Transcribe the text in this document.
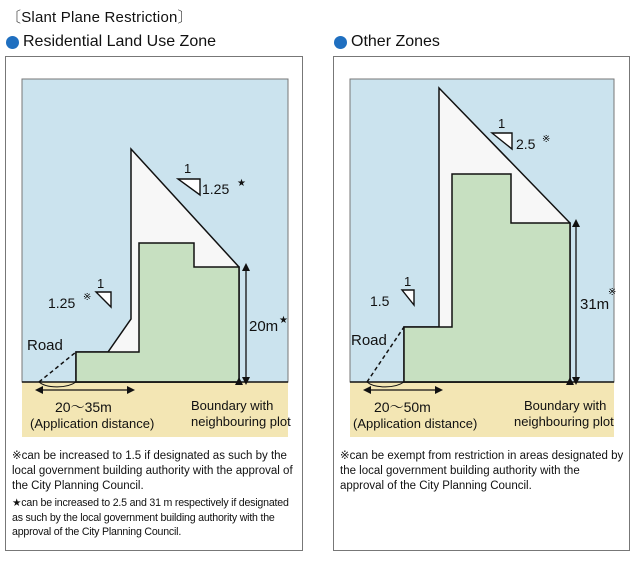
〔Slant Plane Restriction〕
Residential Land Use Zone	Other Zones
20m ★
1
1.25 ★
1
1.25 ※
Road
20～35m
(Application distance)
Boundary with
neighbouring plot

※can be increased to 1.5 if designated as such by the local government building authority with the approval of the City Planning Council.

★can be increased to 2.5 and 31 m respectively if designated as such by the local government building authority with the approval of the City Planning Council.

31m
※
1
2.5 ※
1
1.5
Road
20～50m
(Application distance)
Boundary with
neighbouring plot

※can be exempt from restriction in areas designated by the local government building authority with the approval of the City Planning Council.
